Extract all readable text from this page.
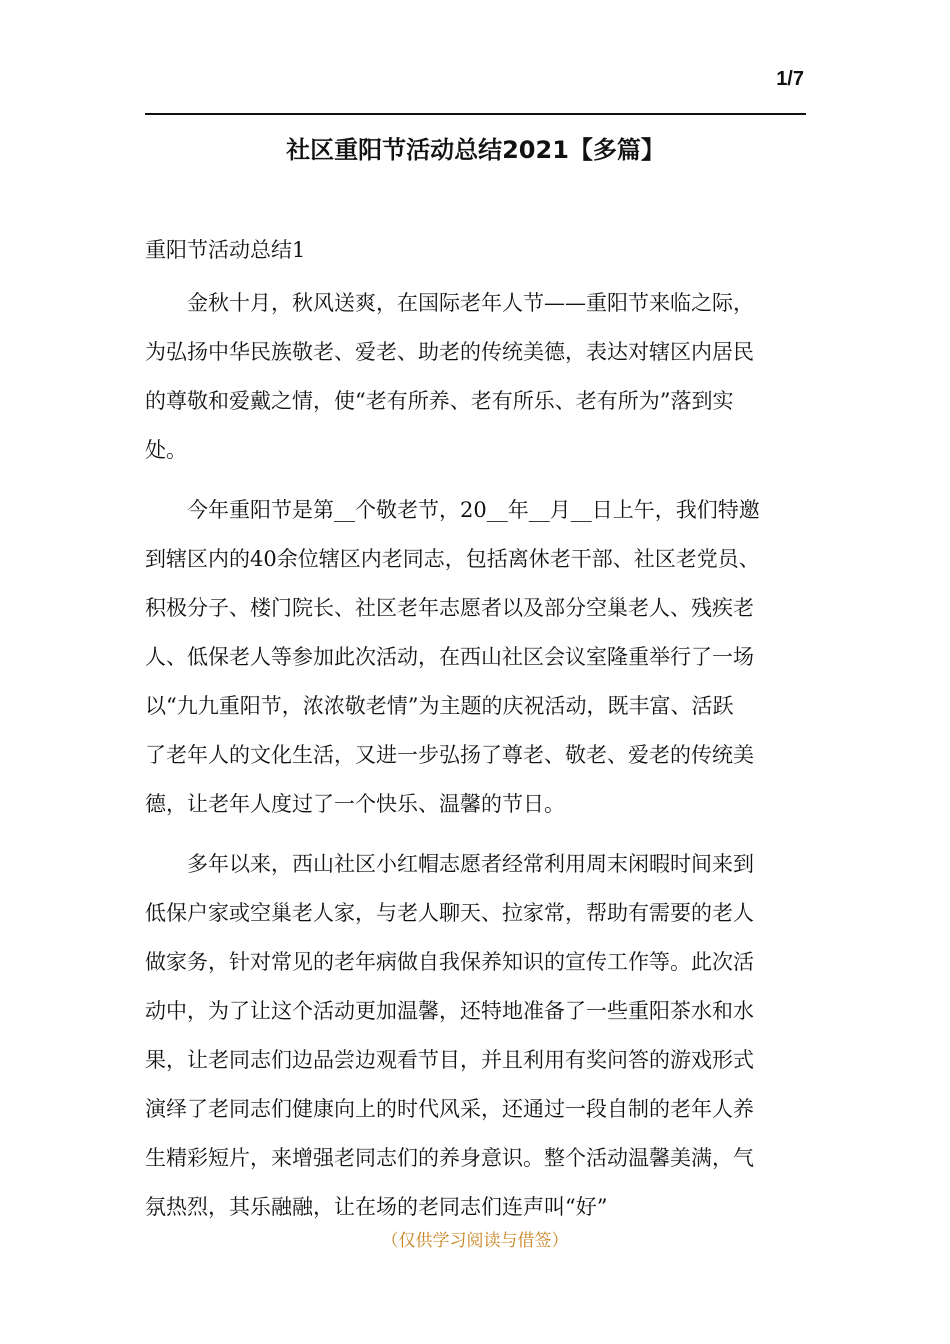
1/7
社区重阳节活动总结2021【多篇】

重阳节活动总结1

金秋十月，秋风送爽，在国际老年人节——重阳节来临之际，
为弘扬中华民族敬老、爱老、助老的传统美德，表达对辖区内居民
的尊敬和爱戴之情，使“老有所养、老有所乐、老有所为”落到实
处。

今年重阳节是第__个敬老节，20__年__月__日上午，我们特邀
到辖区内的40余位辖区内老同志，包括离休老干部、社区老党员、
积极分子、楼门院长、社区老年志愿者以及部分空巢老人、残疾老
人、低保老人等参加此次活动，在西山社区会议室隆重举行了一场
以“九九重阳节，浓浓敬老情”为主题的庆祝活动，既丰富、活跃
了老年人的文化生活，又进一步弘扬了尊老、敬老、爱老的传统美
德，让老年人度过了一个快乐、温馨的节日。

多年以来，西山社区小红帽志愿者经常利用周末闲暇时间来到
低保户家或空巢老人家，与老人聊天、拉家常，帮助有需要的老人
做家务，针对常见的老年病做自我保养知识的宣传工作等。此次活
动中，为了让这个活动更加温馨，还特地准备了一些重阳茶水和水
果，让老同志们边品尝边观看节目，并且利用有奖问答的游戏形式
演绎了老同志们健康向上的时代风采，还通过一段自制的老年人养
生精彩短片，来增强老同志们的养身意识。整个活动温馨美满，气
氛热烈，其乐融融，让在场的老同志们连声叫“好”

（仅供学习阅读与借签）
